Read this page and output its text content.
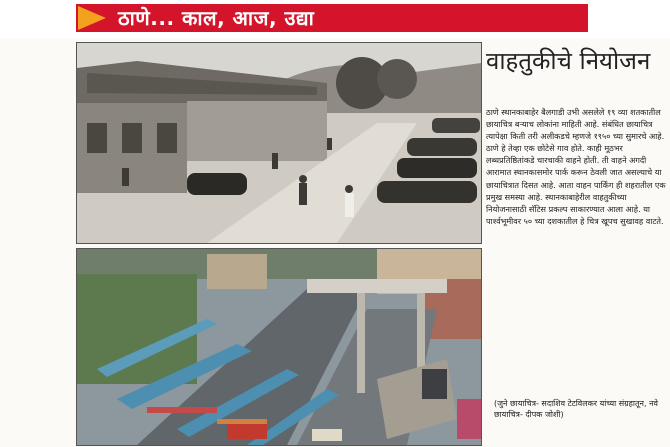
ठाणे... काल, आज, उद्या
वाहतुकीचे नियोजन
ठाणे स्थानकाबाहेर बैलगाडी उभी असलेले १९ व्या शतकातील छायाचित्र बऱ्याच लोकांना माहिती आहे. संबंधित छायाचित्र त्यापेक्षा किती तरी अलीकडचे म्हणजे १९५० च्या सुमारचे आहे. ठाणे हे तेव्हा एक छोटेसे गाव होते. काही मूठभर लब्धप्रतिष्ठितांकडे चारचाकी वाहने होती. ती वाहने अगदी आरामात स्थानकासमोर पार्क करून ठेवली जात असल्याचे या छायाचित्रात दिसत आहे. आता वाहन पार्किंग ही शहरातील एक प्रमुख समस्या आहे. स्थानकाबाहेरील वाहतुकीच्या नियोजनासाठी सॅटिस प्रकल्प साकारण्यात आला आहे. या पार्श्वभूमीवर ५० च्या दशकातील हे चित्र खूपच सुखावह वाटते.
(जुने छायाचित्र- सदाशिव टेटविलकर यांच्या संग्रहातून, नवे छायाचित्र- दीपक जोशी)
